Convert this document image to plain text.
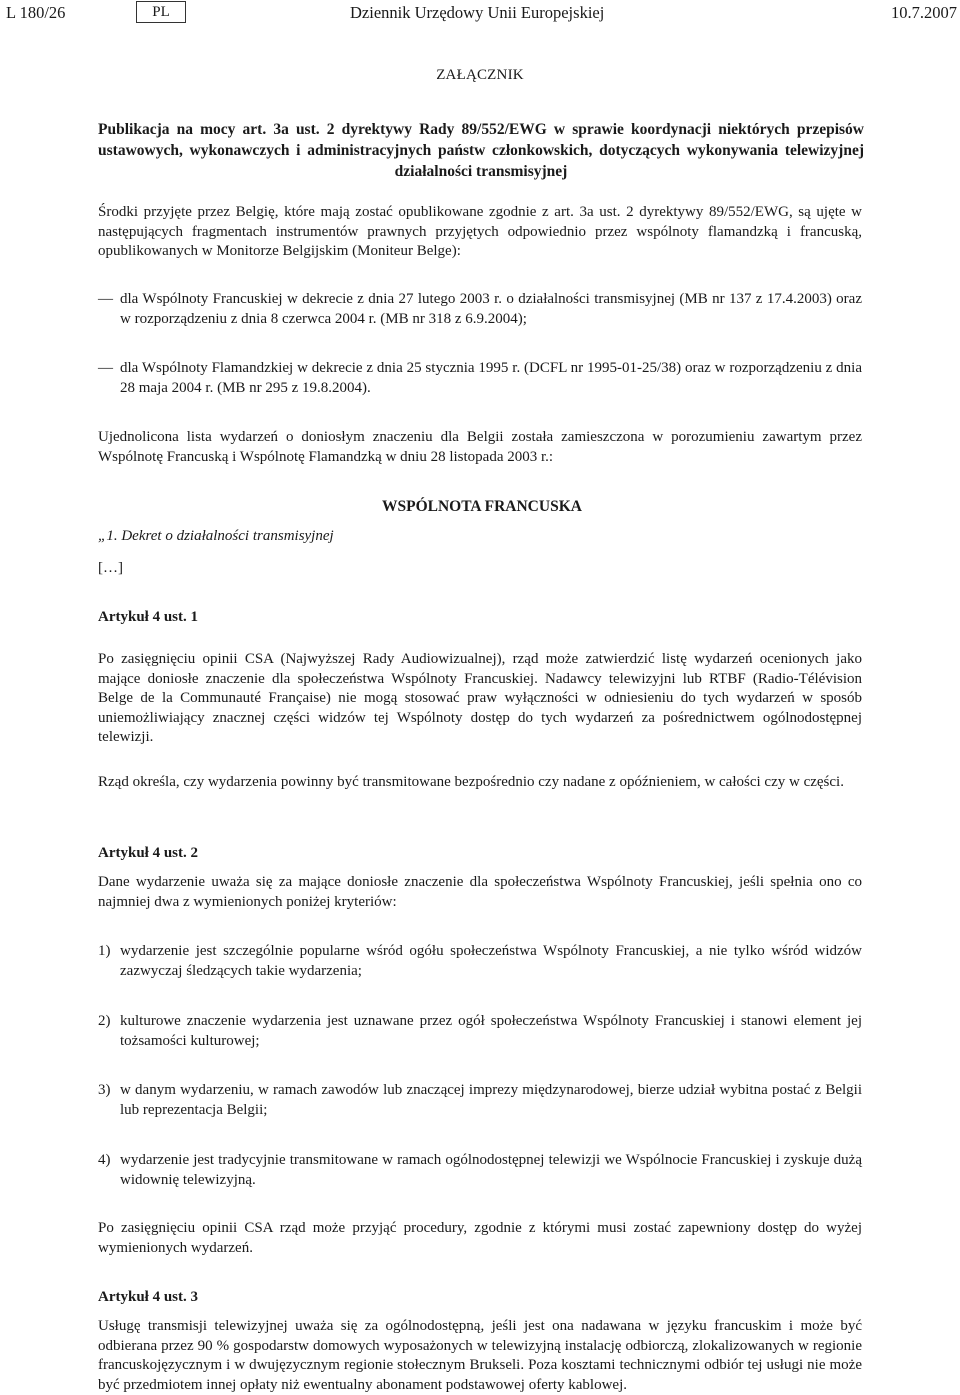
L 180/26	PL	Dziennik Urzędowy Unii Europejskiej	10.7.2007
ZAŁĄCZNIK
Publikacja na mocy art. 3a ust. 2 dyrektywy Rady 89/552/EWG w sprawie koordynacji niektórych przepisów ustawowych, wykonawczych i administracyjnych państw członkowskich, dotyczących wykonywania telewizyjnej działalności transmisyjnej

Środki przyjęte przez Belgię, które mają zostać opublikowane zgodnie z art. 3a ust. 2 dyrektywy 89/552/EWG, są ujęte w następujących fragmentach instrumentów prawnych przyjętych odpowiednio przez wspólnoty flamandzką i francuską, opublikowanych w Monitorze Belgijskim (Moniteur Belge):

— dla Wspólnoty Francuskiej w dekrecie z dnia 27 lutego 2003 r. o działalności transmisyjnej (MB nr 137 z 17.4.2003) oraz w rozporządzeniu z dnia 8 czerwca 2004 r. (MB nr 318 z 6.9.2004);
— dla Wspólnoty Flamandzkiej w dekrecie z dnia 25 stycznia 1995 r. (DCFL nr 1995-01-25/38) oraz w rozporządzeniu z dnia 28 maja 2004 r. (MB nr 295 z 19.8.2004).

Ujednolicona lista wydarzeń o doniosłym znaczeniu dla Belgii została zamieszczona w porozumieniu zawartym przez Wspólnotę Francuską i Wspólnotę Flamandzką w dniu 28 listopada 2003 r.:

WSPÓLNOTA FRANCUSKA
„1. Dekret o działalności transmisyjnej
[…]
Artykuł 4 ust. 1

Po zasięgnięciu opinii CSA (Najwyższej Rady Audiowizualnej), rząd może zatwierdzić listę wydarzeń ocenionych jako mające doniosłe znaczenie dla społeczeństwa Wspólnoty Francuskiej. Nadawcy telewizyjni lub RTBF (Radio-Télévision Belge de la Communauté Française) nie mogą stosować praw wyłączności w odniesieniu do tych wydarzeń w sposób uniemożliwiający znacznej części widzów tej Wspólnoty dostęp do tych wydarzeń za pośrednictwem ogólnodostępnej telewizji.

Rząd określa, czy wydarzenia powinny być transmitowane bezpośrednio czy nadane z opóźnieniem, w całości czy w części.

Artykuł 4 ust. 2

Dane wydarzenie uważa się za mające doniosłe znaczenie dla społeczeństwa Wspólnoty Francuskiej, jeśli spełnia ono co najmniej dwa z wymienionych poniżej kryteriów:

1) wydarzenie jest szczególnie popularne wśród ogółu społeczeństwa Wspólnoty Francuskiej, a nie tylko wśród widzów zazwyczaj śledzących takie wydarzenia;
2) kulturowe znaczenie wydarzenia jest uznawane przez ogół społeczeństwa Wspólnoty Francuskiej i stanowi element jej tożsamości kulturowej;
3) w danym wydarzeniu, w ramach zawodów lub znaczącej imprezy międzynarodowej, bierze udział wybitna postać z Belgii lub reprezentacja Belgii;
4) wydarzenie jest tradycyjnie transmitowane w ramach ogólnodostępnej telewizji we Wspólnocie Francuskiej i zyskuje dużą widownię telewizyjną.

Po zasięgnięciu opinii CSA rząd może przyjąć procedury, zgodnie z którymi musi zostać zapewniony dostęp do wyżej wymienionych wydarzeń.

Artykuł 4 ust. 3

Usługę transmisji telewizyjnej uważa się za ogólnodostępną, jeśli jest ona nadawana w języku francuskim i może być odbierana przez 90 % gospodarstw domowych wyposażonych w telewizyjną instalację odbiorczą, zlokalizowanych w regionie francuskojęzycznym i w dwujęzycznym regionie stołecznym Brukseli. Poza kosztami technicznymi odbiór tej usługi nie może być przedmiotem innej opłaty niż ewentualny abonament podstawowej oferty kablowej.
